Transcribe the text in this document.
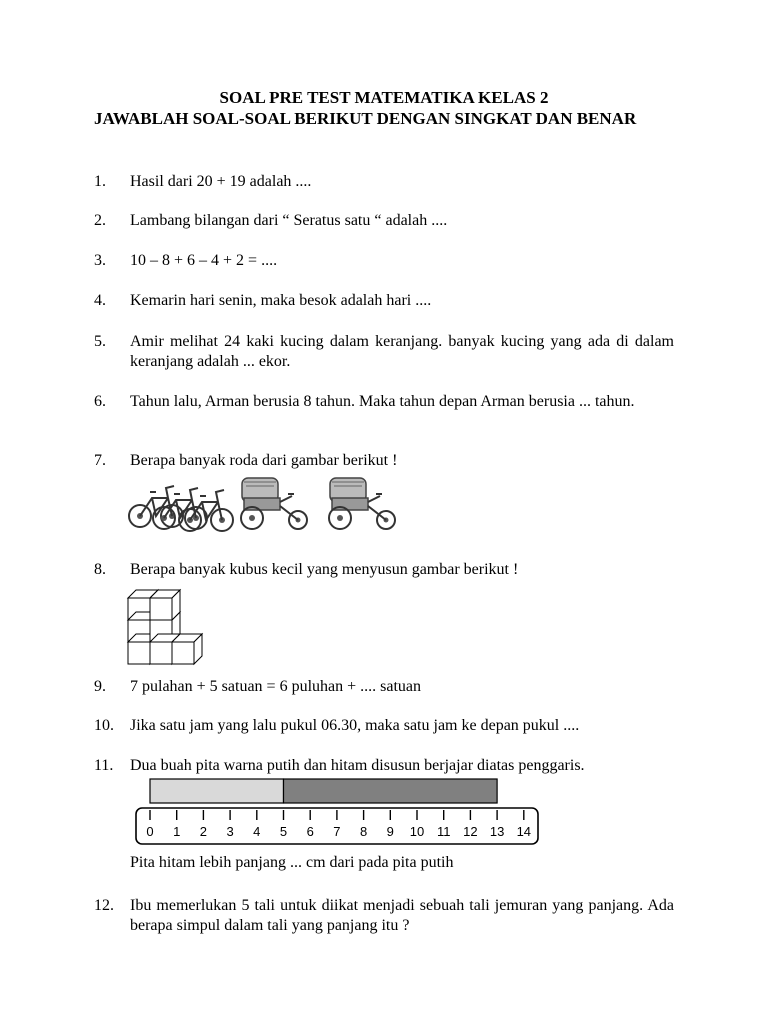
SOAL PRE TEST MATEMATIKA KELAS 2

JAWABLAH SOAL-SOAL BERIKUT DENGAN SINGKAT DAN BENAR

1. Hasil dari 20 + 19 adalah ....
2. Lambang bilangan dari “ Seratus satu “ adalah ....
3. 10 – 8 + 6 – 4 + 2 = ....
4. Kemarin hari senin, maka besok adalah hari ....
5. Amir melihat 24 kaki kucing dalam keranjang. banyak kucing yang ada di dalam keranjang adalah ... ekor.
6. Tahun lalu, Arman berusia 8 tahun. Maka tahun depan Arman berusia ... tahun.
7. Berapa banyak roda dari gambar berikut !
8. Berapa banyak kubus kecil yang menyusun gambar berikut !
9. 7 pulahan + 5 satuan = 6 puluhan + .... satuan
10. Jika satu jam yang lalu pukul 06.30, maka satu jam ke depan pukul ....
11. Dua buah pita warna putih dan hitam disusun berjajar diatas penggaris.
0 1 2 3 4 5 6 7 8 9 10 11 12 13 14
Pita hitam lebih panjang ... cm dari pada pita putih
12. Ibu memerlukan 5 tali untuk diikat menjadi sebuah tali jemuran yang panjang. Ada berapa simpul dalam tali yang panjang itu ?
